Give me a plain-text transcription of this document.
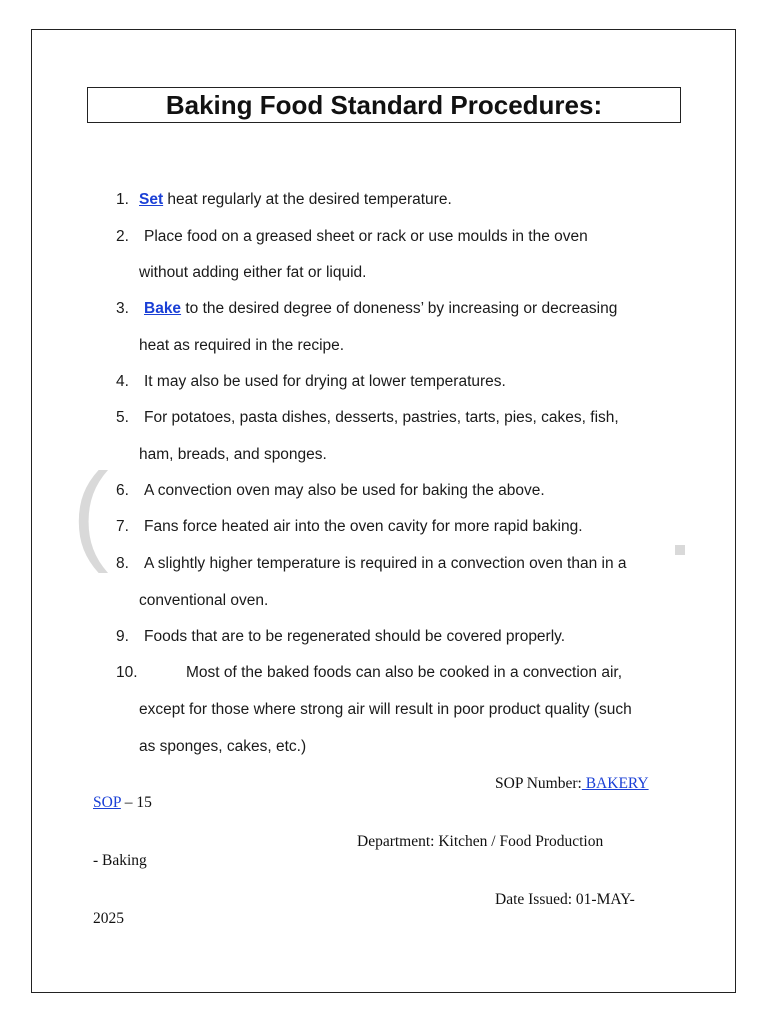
Baking Food Standard Procedures:
(
1. Set heat regularly at the desired temperature.
2. Place food on a greased sheet or rack or use moulds in the oven
without adding either fat or liquid.
3. Bake to the desired degree of doneness’ by increasing or decreasing
heat as required in the recipe.
4. It may also be used for drying at lower temperatures.
5. For potatoes, pasta dishes, desserts, pastries, tarts, pies, cakes, fish,
ham, breads, and sponges.
6. A convection oven may also be used for baking the above.
7. Fans force heated air into the oven cavity for more rapid baking.
8. A slightly higher temperature is required in a convection oven than in a
conventional oven.
9. Foods that are to be regenerated should be covered properly.
10.	Most of the baked foods can also be cooked in a convection air,
except for those where strong air will result in poor product quality (such
as sponges, cakes, etc.)
SOP Number: BAKERY
SOP – 15
Department: Kitchen / Food Production
- Baking
Date Issued: 01-MAY-
2025
